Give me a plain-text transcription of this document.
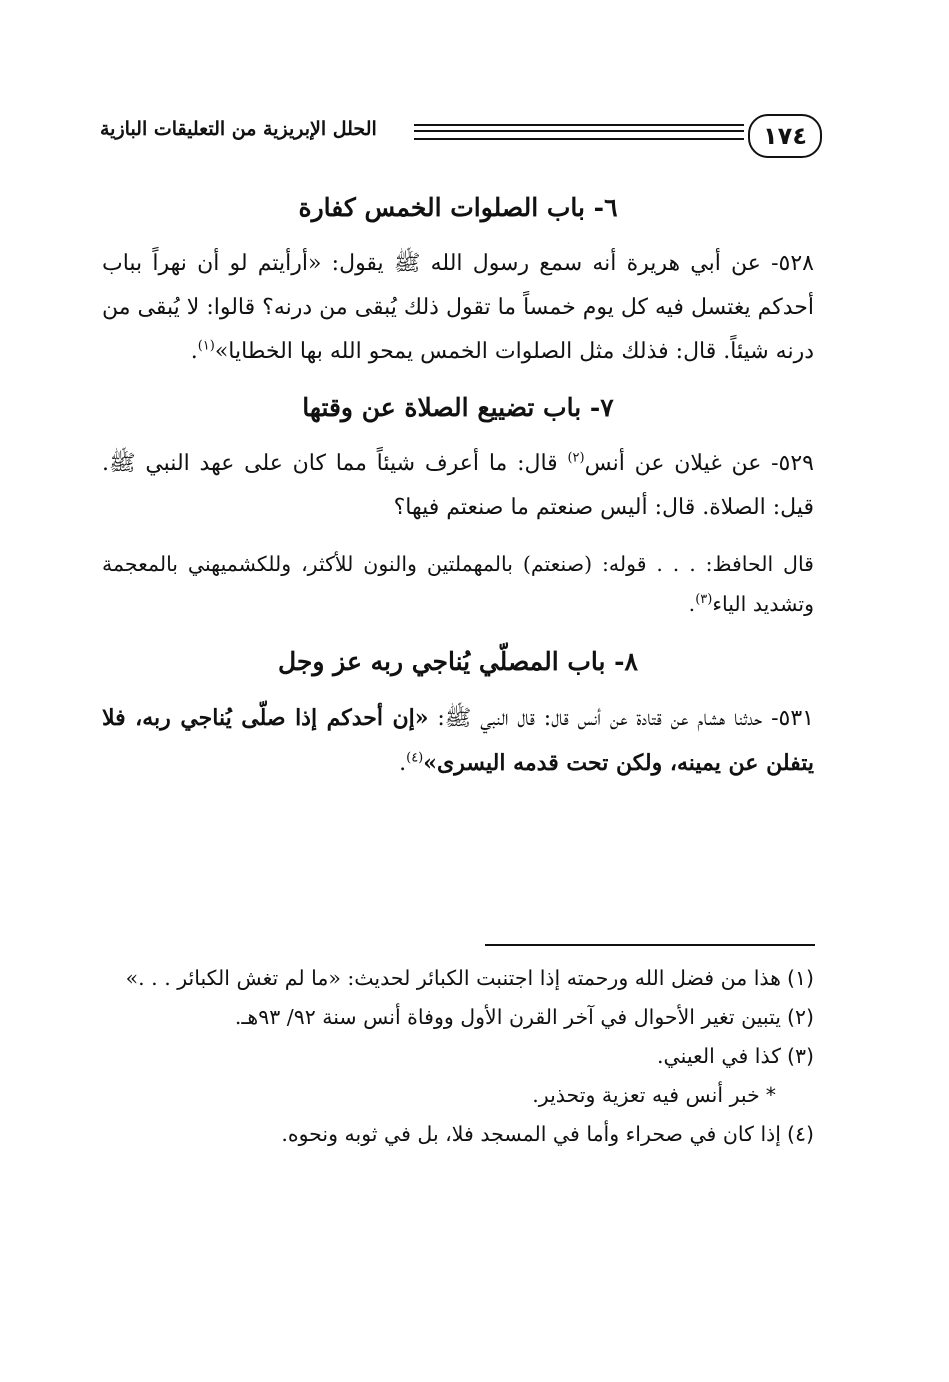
١٧٤
الحلل الإبريزية من التعليقات البازية
٦- باب الصلوات الخمس كفارة

٥٢٨- عن أبي هريرة أنه سمع رسول الله ﷺ يقول: «أرأيتم لو أن نهراً بباب أحدكم يغتسل فيه كل يوم خمساً ما تقول ذلك يُبقى من درنه؟ قالوا: لا يُبقى من درنه شيئاً. قال: فذلك مثل الصلوات الخمس يمحو الله بها الخطايا»$^{(١)}$.

٧- باب تضييع الصلاة عن وقتها

٥٢٩- عن غيلان عن أنس$^{(٢)}$ قال: ما أعرف شيئاً مما كان على عهد النبي ﷺ. قيل: الصلاة. قال: أليس صنعتم ما صنعتم فيها؟

قال الحافظ: . . . قوله: (صنعتم) بالمهملتين والنون للأكثر، وللكشميهني بالمعجمة وتشديد الياء$^{(٣)}$.

٨- باب المصلّي يُناجي ربه عز وجل

٥٣١- حدثنا هشام عن قتادة عن أنس قال: قال النبي ﷺ: «إن أحدكم إذا صلّى يُناجي ربه، فلا يتفلن عن يمينه، ولكن تحت قدمه اليسرى»$^{(٤)}$.

(١)هذا من فضل الله ورحمته إذا اجتنبت الكبائر لحديث: «ما لم تغش الكبائر . . .»

(٢)يتبين تغير الأحوال في آخر القرن الأول ووفاة أنس سنة ٩٢/ ٩٣هـ.

(٣)كذا في العيني.

*خبر أنس فيه تعزية وتحذير.

(٤)إذا كان في صحراء وأما في المسجد فلا، بل في ثوبه ونحوه.
